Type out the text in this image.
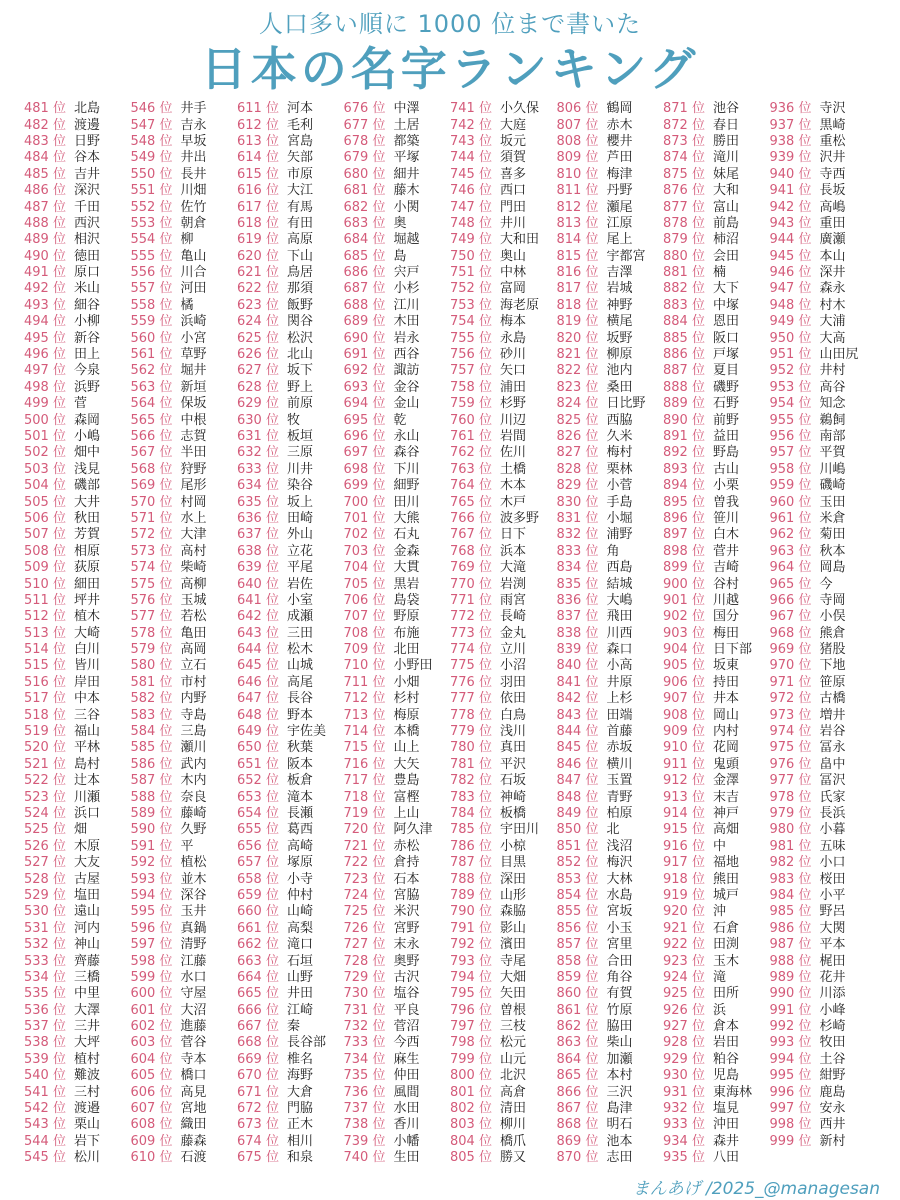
人口多い順に 1000 位まで書いた
日本の名字ランキング
481 位 北島
482 位 渡邊
483 位 日野
484 位 谷本
485 位 吉井
486 位 深沢
487 位 千田
488 位 西沢
489 位 相沢
490 位 徳田
491 位 原口
492 位 米山
493 位 細谷
494 位 小柳
495 位 新谷
496 位 田上
497 位 今泉
498 位 浜野
499 位 菅
500 位 森岡
501 位 小嶋
502 位 畑中
503 位 浅見
504 位 磯部
505 位 大井
506 位 秋田
507 位 芳賀
508 位 相原
509 位 荻原
510 位 細田
511 位 坪井
512 位 植木
513 位 大崎
514 位 白川
515 位 皆川
516 位 岸田
517 位 中本
518 位 三谷
519 位 福山
520 位 平林
521 位 島村
522 位 辻本
523 位 川瀬
524 位 浜口
525 位 畑
526 位 木原
527 位 大友
528 位 古屋
529 位 塩田
530 位 遠山
531 位 河内
532 位 神山
533 位 齊藤
534 位 三橋
535 位 中里
536 位 大澤
537 位 三井
538 位 大坪
539 位 植村
540 位 難波
541 位 三村
542 位 渡邉
543 位 栗山
544 位 岩下
545 位 松川
546 位 井手
547 位 吉永
548 位 早坂
549 位 井出
550 位 長井
551 位 川畑
552 位 佐竹
553 位 朝倉
554 位 柳
555 位 亀山
556 位 川合
557 位 河田
558 位 橘
559 位 浜崎
560 位 小宮
561 位 草野
562 位 堀井
563 位 新垣
564 位 保坂
565 位 中根
566 位 志賀
567 位 半田
568 位 狩野
569 位 尾形
570 位 村岡
571 位 水上
572 位 大津
573 位 高村
574 位 柴崎
575 位 高柳
576 位 玉城
577 位 若松
578 位 亀田
579 位 高岡
580 位 立石
581 位 市村
582 位 内野
583 位 寺島
584 位 三島
585 位 瀬川
586 位 武内
587 位 木内
588 位 奈良
589 位 藤崎
590 位 久野
591 位 平
592 位 植松
593 位 並木
594 位 深谷
595 位 玉井
596 位 真鍋
597 位 清野
598 位 江藤
599 位 水口
600 位 守屋
601 位 大沼
602 位 進藤
603 位 菅谷
604 位 寺本
605 位 橋口
606 位 高見
607 位 宮地
608 位 織田
609 位 藤森
610 位 石渡
611 位 河本
612 位 毛利
613 位 宮島
614 位 矢部
615 位 市原
616 位 大江
617 位 有馬
618 位 有田
619 位 高原
620 位 下山
621 位 鳥居
622 位 那須
623 位 飯野
624 位 関谷
625 位 松沢
626 位 北山
627 位 坂下
628 位 野上
629 位 前原
630 位 牧
631 位 板垣
632 位 三原
633 位 川井
634 位 染谷
635 位 坂上
636 位 田崎
637 位 外山
638 位 立花
639 位 平尾
640 位 岩佐
641 位 小室
642 位 成瀬
643 位 三田
644 位 松木
645 位 山城
646 位 高尾
647 位 長谷
648 位 野本
649 位 宇佐美
650 位 秋葉
651 位 阪本
652 位 板倉
653 位 滝本
654 位 長瀬
655 位 葛西
656 位 高崎
657 位 塚原
658 位 小寺
659 位 仲村
660 位 山崎
661 位 高梨
662 位 滝口
663 位 石垣
664 位 山野
665 位 井田
666 位 江崎
667 位 秦
668 位 長谷部
669 位 椎名
670 位 海野
671 位 大倉
672 位 門脇
673 位 正木
674 位 相川
675 位 和泉
676 位 中澤
677 位 土居
678 位 都築
679 位 平塚
680 位 細井
681 位 藤木
682 位 小関
683 位 奥
684 位 堀越
685 位 島
686 位 宍戸
687 位 小杉
688 位 江川
689 位 木田
690 位 岩永
691 位 西谷
692 位 諏訪
693 位 金谷
694 位 金山
695 位 乾
696 位 永山
697 位 森谷
698 位 下川
699 位 細野
700 位 田川
701 位 大熊
702 位 石丸
703 位 金森
704 位 大貫
705 位 黒岩
706 位 島袋
707 位 野原
708 位 布施
709 位 北田
710 位 小野田
711 位 小畑
712 位 杉村
713 位 梅原
714 位 本橋
715 位 山上
716 位 大矢
717 位 豊島
718 位 富樫
719 位 上山
720 位 阿久津
721 位 赤松
722 位 倉持
723 位 石本
724 位 宮脇
725 位 米沢
726 位 宮野
727 位 末永
728 位 奥野
729 位 古沢
730 位 塩谷
731 位 平良
732 位 菅沼
733 位 今西
734 位 麻生
735 位 仲田
736 位 風間
737 位 水田
738 位 香川
739 位 小幡
740 位 生田
741 位 小久保
742 位 大庭
743 位 坂元
744 位 須賀
745 位 喜多
746 位 西口
747 位 門田
748 位 井川
749 位 大和田
750 位 奥山
751 位 中林
752 位 富岡
753 位 海老原
754 位 梅本
755 位 永島
756 位 砂川
757 位 矢口
758 位 浦田
759 位 杉野
760 位 川辺
761 位 岩間
762 位 佐川
763 位 土橋
764 位 木本
765 位 木戸
766 位 波多野
767 位 日下
768 位 浜本
769 位 大滝
770 位 岩渕
771 位 雨宮
772 位 長崎
773 位 金丸
774 位 立川
775 位 小沼
776 位 羽田
777 位 依田
778 位 白鳥
779 位 浅川
780 位 真田
781 位 平沢
782 位 石坂
783 位 神崎
784 位 板橋
785 位 宇田川
786 位 小椋
787 位 目黒
788 位 深田
789 位 山形
790 位 森脇
791 位 影山
792 位 濱田
793 位 寺尾
794 位 大畑
795 位 矢田
796 位 曽根
797 位 三枝
798 位 松元
799 位 山元
800 位 北沢
801 位 高倉
802 位 清田
803 位 柳川
804 位 橋爪
805 位 勝又
806 位 鶴岡
807 位 赤木
808 位 櫻井
809 位 芦田
810 位 梅津
811 位 丹野
812 位 瀬尾
813 位 江原
814 位 尾上
815 位 宇都宮
816 位 吉澤
817 位 岩城
818 位 神野
819 位 横尾
820 位 坂野
821 位 柳原
822 位 池内
823 位 桑田
824 位 日比野
825 位 西脇
826 位 久米
827 位 梅村
828 位 栗林
829 位 小菅
830 位 手島
831 位 小堀
832 位 浦野
833 位 角
834 位 西島
835 位 結城
836 位 大嶋
837 位 飛田
838 位 川西
839 位 森口
840 位 小高
841 位 井原
842 位 上杉
843 位 田端
844 位 首藤
845 位 赤坂
846 位 横川
847 位 玉置
848 位 青野
849 位 柏原
850 位 北
851 位 浅沼
852 位 梅沢
853 位 大林
854 位 水島
855 位 宮坂
856 位 小玉
857 位 宮里
858 位 合田
859 位 角谷
860 位 有賀
861 位 竹原
862 位 脇田
863 位 柴山
864 位 加瀬
865 位 本村
866 位 三沢
867 位 島津
868 位 明石
869 位 池本
870 位 志田
871 位 池谷
872 位 春日
873 位 勝田
874 位 滝川
875 位 妹尾
876 位 大和
877 位 富山
878 位 前島
879 位 柿沼
880 位 会田
881 位 楠
882 位 大下
883 位 中塚
884 位 恩田
885 位 阪口
886 位 戸塚
887 位 夏目
888 位 磯野
889 位 石野
890 位 前野
891 位 益田
892 位 野島
893 位 古山
894 位 小栗
895 位 曽我
896 位 笹川
897 位 白木
898 位 菅井
899 位 吉崎
900 位 谷村
901 位 川越
902 位 国分
903 位 梅田
904 位 日下部
905 位 坂東
906 位 持田
907 位 井本
908 位 岡山
909 位 内村
910 位 花岡
911 位 鬼頭
912 位 金澤
913 位 末吉
914 位 神戸
915 位 高畑
916 位 中
917 位 福地
918 位 熊田
919 位 城戸
920 位 沖
921 位 石倉
922 位 田渕
923 位 玉木
924 位 滝
925 位 田所
926 位 浜
927 位 倉本
928 位 岩田
929 位 粕谷
930 位 児島
931 位 東海林
932 位 塩見
933 位 沖田
934 位 森井
935 位 八田
936 位 寺沢
937 位 黒崎
938 位 重松
939 位 沢井
940 位 寺西
941 位 長坂
942 位 高嶋
943 位 重田
944 位 廣瀬
945 位 本山
946 位 深井
947 位 森永
948 位 村木
949 位 大浦
950 位 大高
951 位 山田尻
952 位 井村
953 位 高谷
954 位 知念
955 位 鵜飼
956 位 南部
957 位 平賀
958 位 川嶋
959 位 磯崎
960 位 玉田
961 位 米倉
962 位 菊田
963 位 秋本
964 位 岡島
965 位 今
966 位 寺岡
967 位 小俣
968 位 熊倉
969 位 猪股
970 位 下地
971 位 笹原
972 位 古橋
973 位 増井
974 位 岩谷
975 位 冨永
976 位 畠中
977 位 冨沢
978 位 氏家
979 位 長浜
980 位 小暮
981 位 五味
982 位 小口
983 位 桜田
984 位 小平
985 位 野呂
986 位 大関
987 位 平本
988 位 梶田
989 位 花井
990 位 川添
991 位 小峰
992 位 杉崎
993 位 牧田
994 位 土谷
995 位 紺野
996 位 鹿島
997 位 安永
998 位 西井
999 位 新村
まんあげ /2025_@managesan
